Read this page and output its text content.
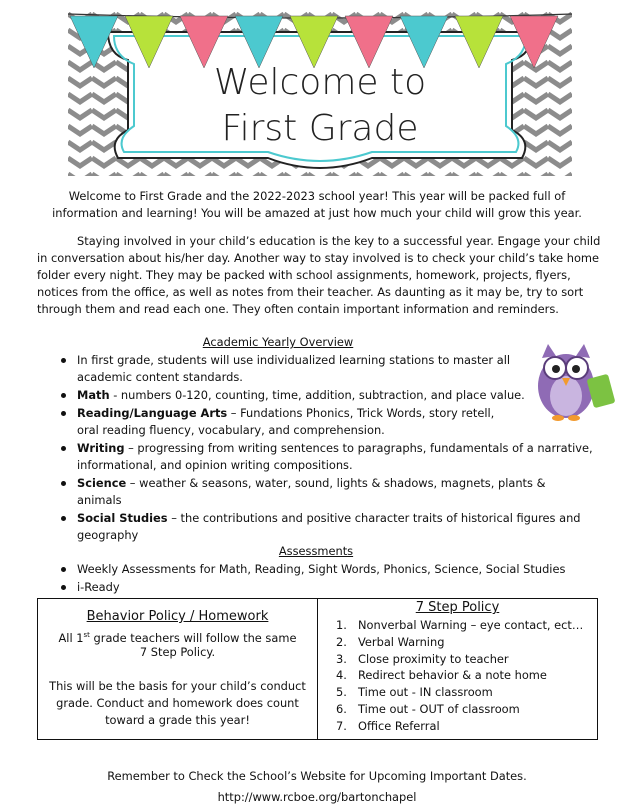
Welcome to
First Grade
Welcome to First Grade and the 2022-2023 school year! This year will be packed full of
information and learning! You will be amazed at just how much your child will grow this year.
Staying involved in your child’s education is the key to a successful year. Engage your child
in conversation about his/her day. Another way to stay involved is to check your child’s take home
folder every night. They may be packed with school assignments, homework, projects, flyers,
notices from the office, as well as notes from their teacher. As daunting as it may be, try to sort
through them and read each one. They often contain important information and reminders.
Academic Yearly Overview
In first grade, students will use individualized learning stations to master all academic content standards.
Math - numbers 0-120, counting, time, addition, subtraction, and place value.
Reading/Language Arts – Fundations Phonics, Trick Words, story retell, oral reading fluency, vocabulary, and comprehension.
Writing – progressing from writing sentences to paragraphs, fundamentals of a narrative, informational, and opinion writing compositions.
Science – weather & seasons, water, sound, lights & shadows, magnets, plants & animals
Social Studies – the contributions and positive character traits of historical figures and geography
Assessments
Weekly Assessments for Math, Reading, Sight Words, Phonics, Science, Social Studies
i-Ready
Behavior Policy / Homework
All 1st grade teachers will follow the same
7 Step Policy.
This will be the basis for your child’s conduct
grade. Conduct and homework does count
toward a grade this year!
7 Step Policy
1. Nonverbal Warning – eye contact, ect…
2. Verbal Warning
3. Close proximity to teacher
4. Redirect behavior & a note home
5. Time out - IN classroom
6. Time out - OUT of classroom
7. Office Referral
Remember to Check the School’s Website for Upcoming Important Dates.
http://www.rcboe.org/bartonchapel
